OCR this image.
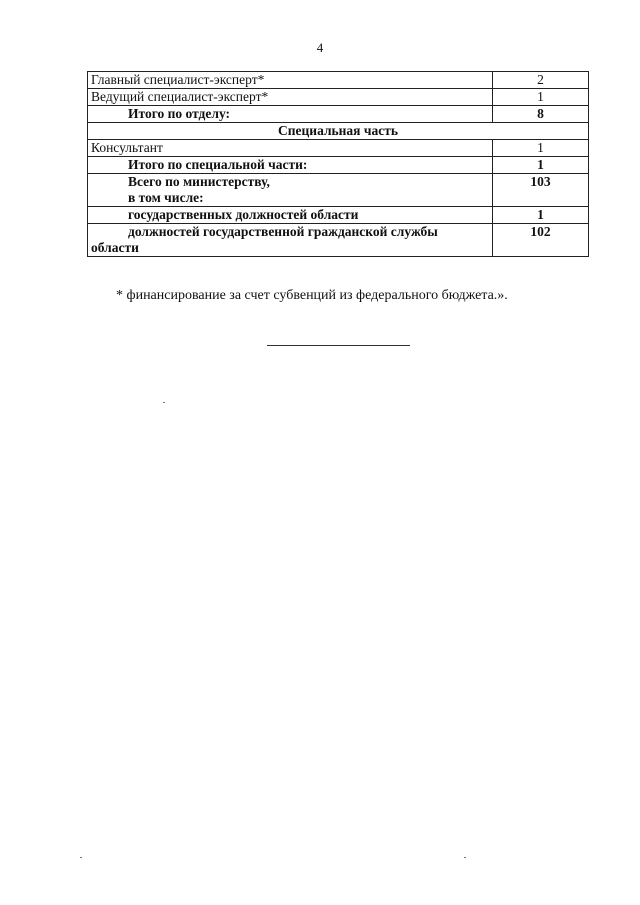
4
Главный специалист-эксперт*	2
Ведущий специалист-эксперт*	1
Итого по отделу:	8
Специальная часть	
Консультант	1
Итого по специальной части:	1

Всего по министерству,
в том числе:	103
государственных должностей области	1
должностей государственной гражданской службы области	102
* финансирование за счет субвенций из федерального бюджета.».
